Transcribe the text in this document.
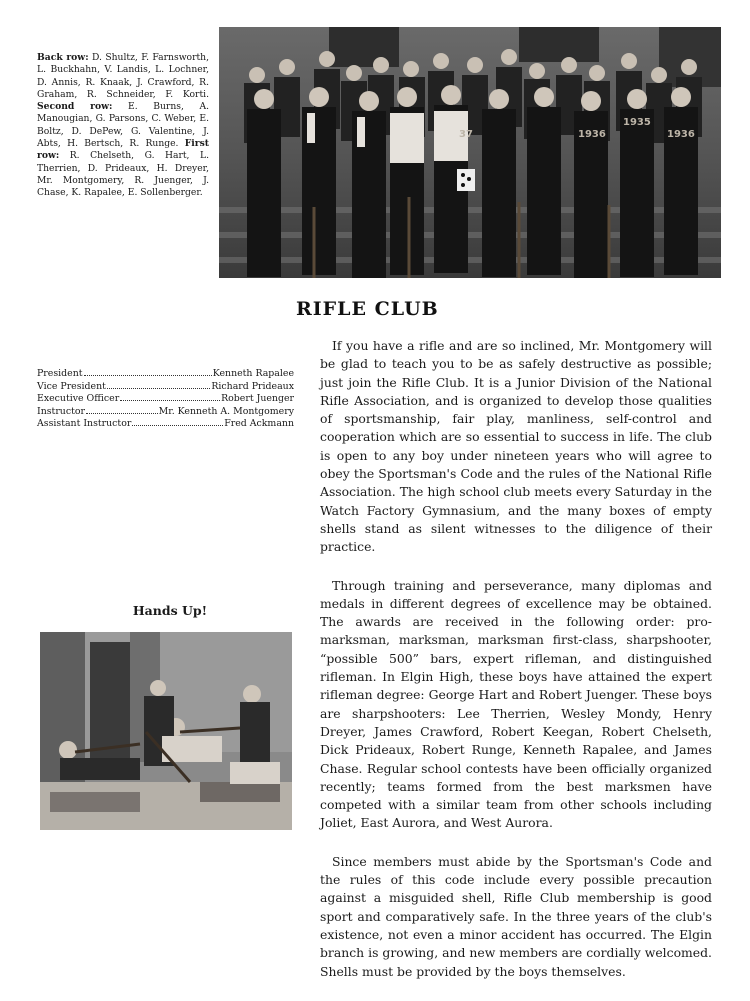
Back row: D. Shultz, F. Farnsworth, L. Buckhahn, V. Landis, L. Lochner, D. Annis, R. Knaak, J. Crawford, R. Graham, R. Schneider, F. Korti. Second row: E. Burns, A. Manougian, G. Parsons, C. Weber, E. Boltz, D. DePew, G. Valentine, J. Abts, H. Bertsch, R. Runge. First row: R. Chelseth, G. Hart, L. Therrien, D. Prideaux, H. Dreyer, Mr. Montgomery, R. Juenger, J. Chase, K. Rapalee, E. Sollenberger.
37	1936
1935
1936
RIFLE CLUB
President	Kenneth Rapalee
Vice President	Richard Prideaux
Executive Officer	Robert Juenger
Instructor	Mr. Kenneth A. Montgomery
Assistant Instructor	Fred Ackmann
Hands Up!

If you have a rifle and are so inclined, Mr. Montgomery will be glad to teach you to be as safely destructive as possible; just join the Rifle Club. It is a Junior Division of the National Rifle Association, and is organized to develop those qualities of sportsmanship, fair play, manliness, self-control and cooperation which are so essential to success in life. The club is open to any boy under nineteen years who will agree to obey the Sportsman's Code and the rules of the National Rifle Association. The high school club meets every Saturday in the Watch Factory Gymnasium, and the many boxes of empty shells stand as silent witnesses to the diligence of their practice.

Through training and perseverance, many diplomas and medals in different degrees of excellence may be obtained. The awards are received in the following order: pro-marksman, marksman, marksman first-class, sharpshooter, “possible 500” bars, expert rifleman, and distinguished rifleman. In Elgin High, these boys have attained the expert rifleman degree: George Hart and Robert Juenger. These boys are sharpshooters: Lee Therrien, Wesley Mondy, Henry Dreyer, James Crawford, Robert Keegan, Robert Chelseth, Dick Prideaux, Robert Runge, Kenneth Rapalee, and James Chase. Regular school contests have been officially organized recently; teams formed from the best marksmen have competed with a similar team from other schools including Joliet, East Aurora, and West Aurora.

Since members must abide by the Sportsman's Code and the rules of this code include every possible precaution against a misguided shell, Rifle Club membership is good sport and comparatively safe. In the three years of the club's existence, not even a minor accident has occurred. The Elgin branch is growing, and new members are cordially welcomed. Shells must be provided by the boys themselves.
